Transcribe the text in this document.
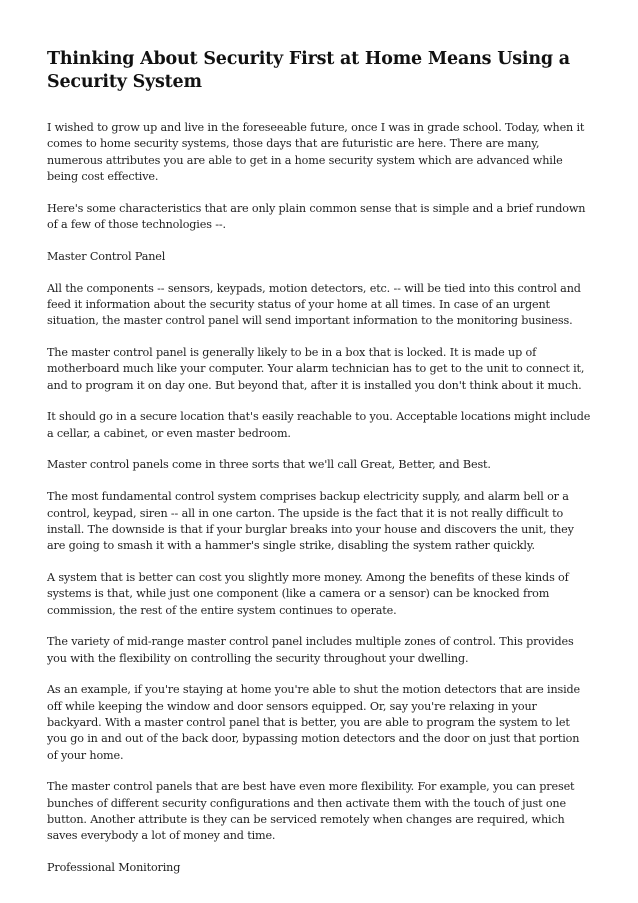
Thinking About Security First at Home Means Using a Security System

I wished to grow up and live in the foreseeable future, once I was in grade school. Today, when it comes to home security systems, those days that are futuristic are here. There are many, numerous attributes you are able to get in a home security system which are advanced while being cost effective.

Here's some characteristics that are only plain common sense that is simple and a brief rundown of a few of those technologies --.

Master Control Panel

All the components -- sensors, keypads, motion detectors, etc. -- will be tied into this control and feed it information about the security status of your home at all times. In case of an urgent situation, the master control panel will send important information to the monitoring business.

The master control panel is generally likely to be in a box that is locked. It is made up of motherboard much like your computer. Your alarm technician has to get to the unit to connect it, and to program it on day one. But beyond that, after it is installed you don't think about it much.

It should go in a secure location that's easily reachable to you. Acceptable locations might include a cellar, a cabinet, or even master bedroom.

Master control panels come in three sorts that we'll call Great, Better, and Best.

The most fundamental control system comprises backup electricity supply, and alarm bell or a control, keypad, siren -- all in one carton. The upside is the fact that it is not really difficult to install. The downside is that if your burglar breaks into your house and discovers the unit, they are going to smash it with a hammer's single strike, disabling the system rather quickly.

A system that is better can cost you slightly more money. Among the benefits of these kinds of systems is that, while just one component (like a camera or a sensor) can be knocked from commission, the rest of the entire system continues to operate.

The variety of mid-range master control panel includes multiple zones of control. This provides you with the flexibility on controlling the security throughout your dwelling.

As an example, if you're staying at home you're able to shut the motion detectors that are inside off while keeping the window and door sensors equipped. Or, say you're relaxing in your backyard. With a master control panel that is better, you are able to program the system to let you go in and out of the back door, bypassing motion detectors and the door on just that portion of your home.

The master control panels that are best have even more flexibility. For example, you can preset bunches of different security configurations and then activate them with the touch of just one button. Another attribute is they can be serviced remotely when changes are required, which saves everybody a lot of money and time.

Professional Monitoring
